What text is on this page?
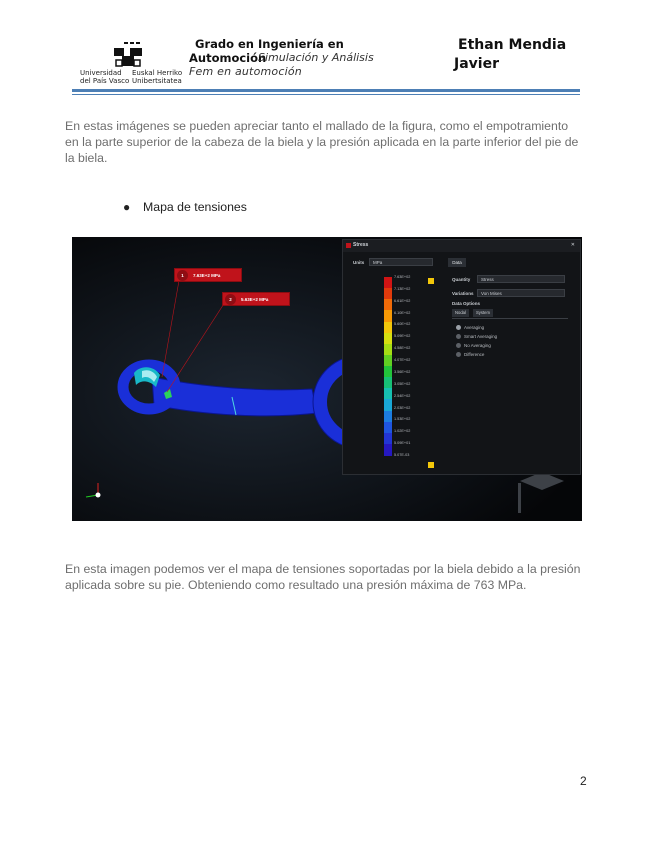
Universidad
del País Vasco
Euskal Herriko
Unibertsitatea
Grado en Ingeniería en
Automoción
Simulación y Análisis
Fem en automoción
Ethan Mendia
Javier
En estas imágenes se pueden apreciar tanto el mallado de la figura, como el empotramiento en la parte superior de la cabeza de la biela y la presión aplicada en la parte inferior del pie de la biela.
● Mapa de tensiones
1	7.63E+2 MPa
2	5.63E+2 MPa
Stress	✕
Units	MPa	Data
7.63E+02
7.13E+02
6.61E+02
6.10E+02
5.60E+02
5.09E+02
4.58E+02
4.07E+02
3.56E+02
3.05E+02
2.54E+02
2.03E+02
1.53E+02
1.02E+02
5.09E+01
5.07E-03
Quantity	Stress
Variations	Von Mises
Data Options
Nodal	System
Averaging
Smart Averaging
No Averaging
Difference
En esta imagen podemos ver el mapa de tensiones soportadas por la biela debido a la presión aplicada sobre su pie. Obteniendo como resultado una presión máxima de 763 MPa.
2
